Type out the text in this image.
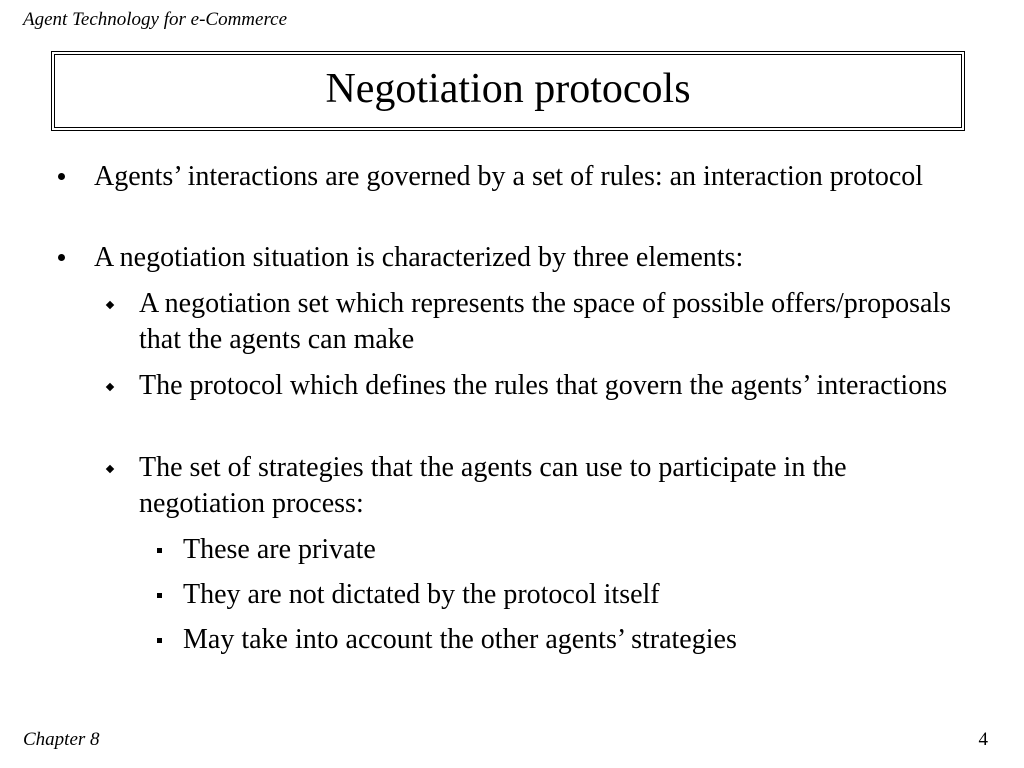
Agent Technology for e-Commerce
Negotiation protocols
Agents’ interactions are governed by a set of rules: an interaction protocol
A negotiation situation is characterized by three elements:
A negotiation set which represents the space of possible offers/proposals that the agents can make
The protocol which defines the rules that govern the agents’ interactions
The set of strategies that the agents can use to participate in the negotiation process:
These are private
They are not dictated by the protocol itself
May take into account the other agents’ strategies
Chapter 8	4
